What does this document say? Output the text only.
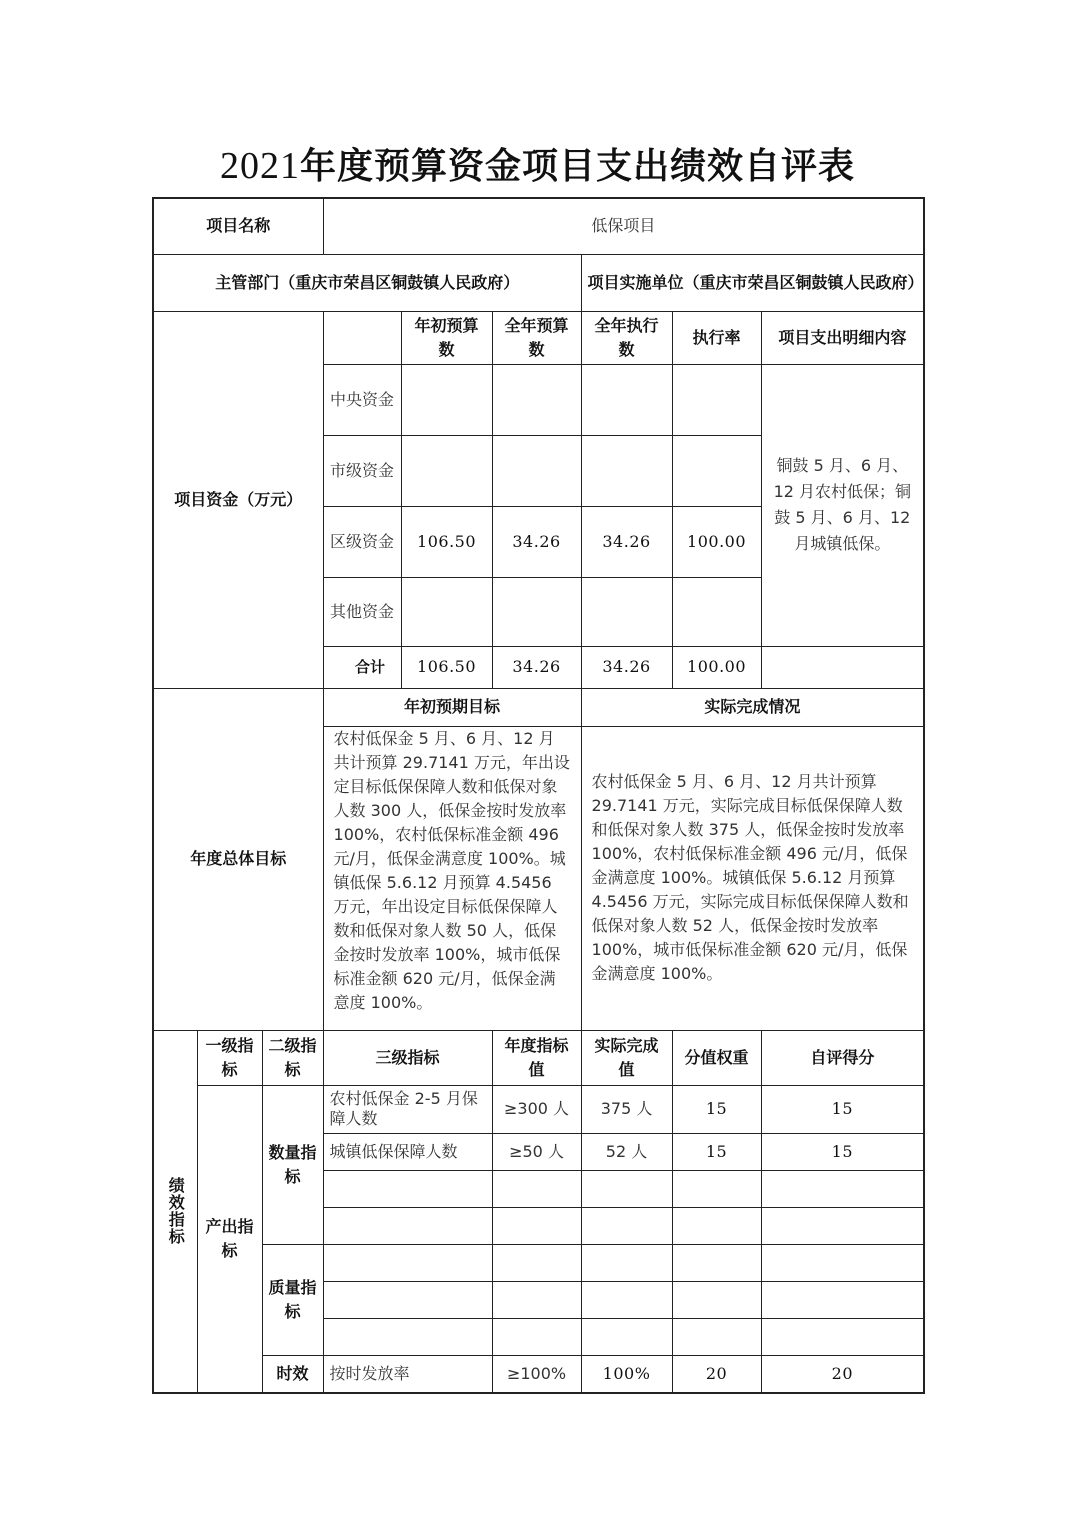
2021年度预算资金项目支出绩效自评表
项目名称			低保项目					
主管部门（重庆市荣昌区铜鼓镇人民政府）						项目实施单位（重庆市荣昌区铜鼓镇人民政府）		
项目资金（万元）				年初预算数	全年预算数	全年执行数	执行率	项目支出明细内容
			中央资金					铜鼓 5 月、6 月、12 月农村低保；铜鼓 5 月、6 月、12 月城镇低保。
			市级资金					
			区级资金	106.50	34.26	34.26	100.00	
			其他资金					
			合计	106.50	34.26	34.26	100.00	
年度总体目标			年初预期目标			实际完成情况		
			农村低保金 5 月、6 月、12 月共计预算 29.7141 万元，年出设定目标低保保障人数和低保对象人数 300 人，低保金按时发放率 100%，农村低保标准金额 496 元/月，低保金满意度 100%。城镇低保 5.6.12 月预算 4.5456 万元，年出设定目标低保保障人数和低保对象人数 50 人，低保金按时发放率 100%，城市低保标准金额 620 元/月，低保金满意度 100%。			农村低保金 5 月、6 月、12 月共计预算 29.7141 万元，实际完成目标低保保障人数和低保对象人数 375 人，低保金按时发放率 100%，农村低保标准金额 496 元/月，低保金满意度 100%。城镇低保 5.6.12 月预算 4.5456 万元，实际完成目标低保保障人数和低保对象人数 52 人，低保金按时发放率 100%，城市低保标准金额 620 元/月，低保金满意度 100%。		

绩效指标	一级指标	二级指标	三级指标		年度指标值	实际完成值	分值权重	自评得分
	产出指标	数量指标	农村低保金 2-5 月保障人数		≥300 人	375 人	15	15
			城镇低保保障人数		≥50 人	52 人	15	15

		质量指标						

		时效	按时发放率		≥100%	100%	20	20
